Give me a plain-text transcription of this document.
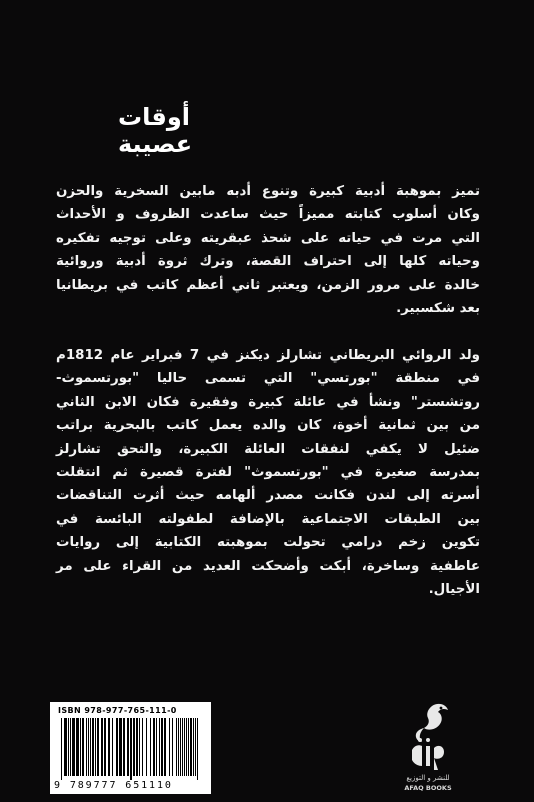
أوقات
عصيبة
تميز بموهبة أدبية كبيرة وتنوع أدبه مابين السخرية والحزن
وكان أسلوب كتابته مميزاً حيث ساعدت الظروف و الأحداث
التي مرت في حياته على شحذ عبقريته وعلى توجيه تفكيره
وحياته كلها إلى احتراف القصة، وترك ثروة أدبية وروائية
خالدة على مرور الزمن، ويعتبر ثاني أعظم كاتب في بريطانيا
بعد شكسبير.
ولد الروائي البريطاني تشارلز ديكنز في 7 فبراير عام 1812م
في منطقة "بورتسي" التي تسمى حاليا "بورتسموث-
روتشستر" ونشأ في عائلة كبيرة وفقيرة فكان الابن الثاني
من بين ثمانية أخوة، كان والده يعمل كاتب بالبحرية براتب
ضئيل لا يكفي لنفقات العائلة الكبيرة، والتحق تشارلز
بمدرسة صغيرة في "بورتسموث" لفترة قصيرة ثم انتقلت
أسرته إلى لندن فكانت مصدر ألهامه حيث أثرت التناقضات
بين الطبقات الاجتماعية بالإضافة لطفولته البائسة في
تكوين زخم درامي تحولت بموهبته الكتابية إلى روايات
عاطفية وساخرة، أبكت وأضحكت العديد من القراء على مر
الأجيال.
ISBN 978-977-765-111-0
9 789777 651110
للنشر و التوزيع
AFAQ BOOKS
